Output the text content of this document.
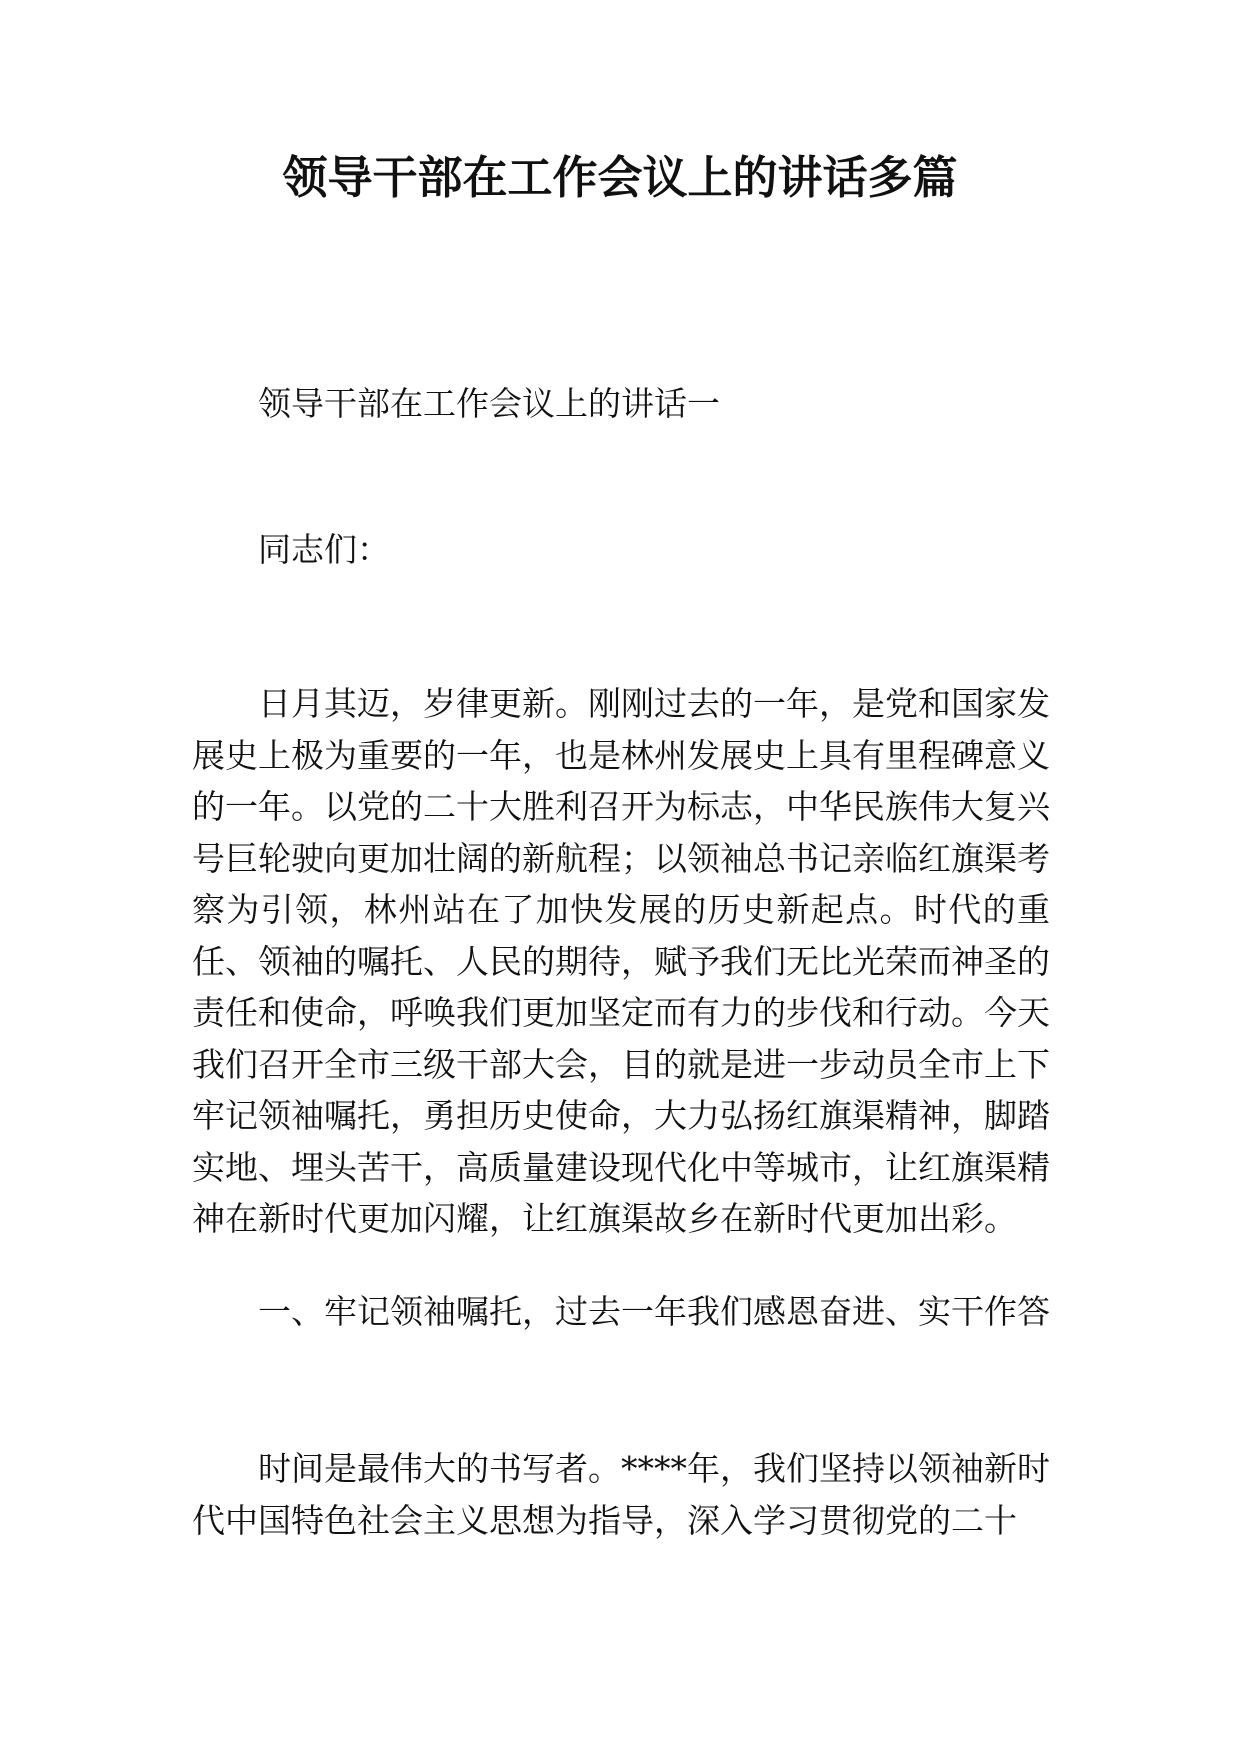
领导干部在工作会议上的讲话多篇

领导干部在工作会议上的讲话一

同志们：

日月其迈，岁律更新。刚刚过去的一年，是党和国家发展史上极为重要的一年，也是林州发展史上具有里程碑意义的一年。以党的二十大胜利召开为标志，中华民族伟大复兴号巨轮驶向更加壮阔的新航程；以领袖总书记亲临红旗渠考察为引领，林州站在了加快发展的历史新起点。时代的重任、领袖的嘱托、人民的期待，赋予我们无比光荣而神圣的责任和使命，呼唤我们更加坚定而有力的步伐和行动。今天我们召开全市三级干部大会，目的就是进一步动员全市上下牢记领袖嘱托，勇担历史使命，大力弘扬红旗渠精神，脚踏实地、埋头苦干，高质量建设现代化中等城市，让红旗渠精神在新时代更加闪耀，让红旗渠故乡在新时代更加出彩。

一、牢记领袖嘱托，过去一年我们感恩奋进、实干作答

时间是最伟大的书写者。****年，我们坚持以领袖新时代中国特色社会主义思想为指导，深入学习贯彻党的二十
